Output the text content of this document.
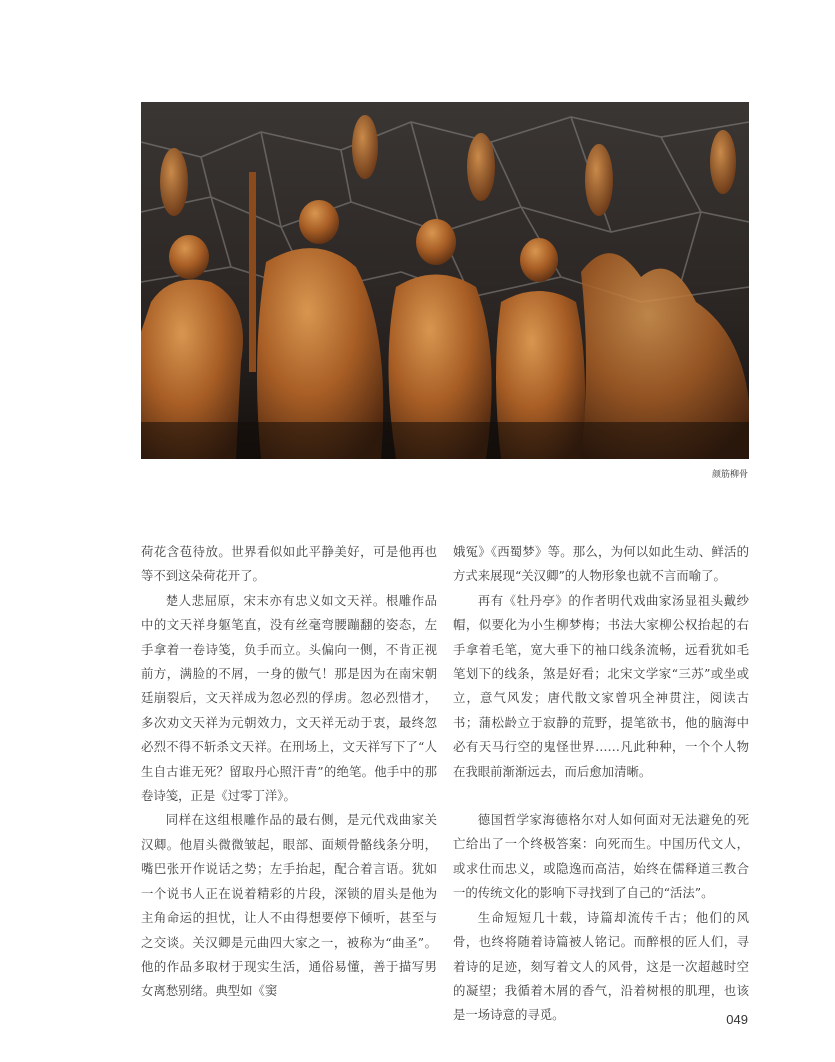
颜筋柳骨

荷花含苞待放。世界看似如此平静美好，可是他再也等不到这朵荷花开了。

楚人悲屈原，宋末亦有忠义如文天祥。根雕作品中的文天祥身躯笔直，没有丝毫弯腰蹦翻的姿态，左手拿着一卷诗笺，负手而立。头偏向一侧，不肯正视前方，满脸的不屑，一身的傲气！那是因为在南宋朝廷崩裂后，文天祥成为忽必烈的俘虏。忽必烈惜才，多次劝文天祥为元朝效力，文天祥无动于衷，最终忽必烈不得不斩杀文天祥。在刑场上，文天祥写下了“人生自古谁无死？留取丹心照汗青”的绝笔。他手中的那卷诗笺，正是《过零丁洋》。

同样在这组根雕作品的最右侧，是元代戏曲家关汉卿。他眉头微微皱起，眼部、面颊骨骼线条分明，嘴巴张开作说话之势；左手抬起，配合着言语。犹如一个说书人正在说着精彩的片段，深锁的眉头是他为主角命运的担忧，让人不由得想要停下倾听，甚至与之交谈。关汉卿是元曲四大家之一，被称为“曲圣”。他的作品多取材于现实生活，通俗易懂，善于描写男女离愁别绪。典型如《窦

娥冤》《西蜀梦》等。那么，为何以如此生动、鲜活的方式来展现“关汉卿”的人物形象也就不言而喻了。

再有《牡丹亭》的作者明代戏曲家汤显祖头戴纱帽，似要化为小生柳梦梅；书法大家柳公权抬起的右手拿着毛笔，宽大垂下的袖口线条流畅，远看犹如毛笔划下的线条，煞是好看；北宋文学家“三苏”或坐或立，意气风发；唐代散文家曾巩全神贯注，阅读古书；蒲松龄立于寂静的荒野，提笔欲书，他的脑海中必有天马行空的鬼怪世界……凡此种种，一个个人物在我眼前渐渐远去，而后愈加清晰。

德国哲学家海德格尔对人如何面对无法避免的死亡给出了一个终极答案：向死而生。中国历代文人，或求仕而忠义，或隐逸而高洁，始终在儒释道三教合一的传统文化的影响下寻找到了自己的“活法”。

生命短短几十载，诗篇却流传千古；他们的风骨，也终将随着诗篇被人铭记。而醉根的匠人们，寻着诗的足迹，刻写着文人的风骨，这是一次超越时空的凝望；我循着木屑的香气，沿着树根的肌理，也该是一场诗意的寻觅。	049
